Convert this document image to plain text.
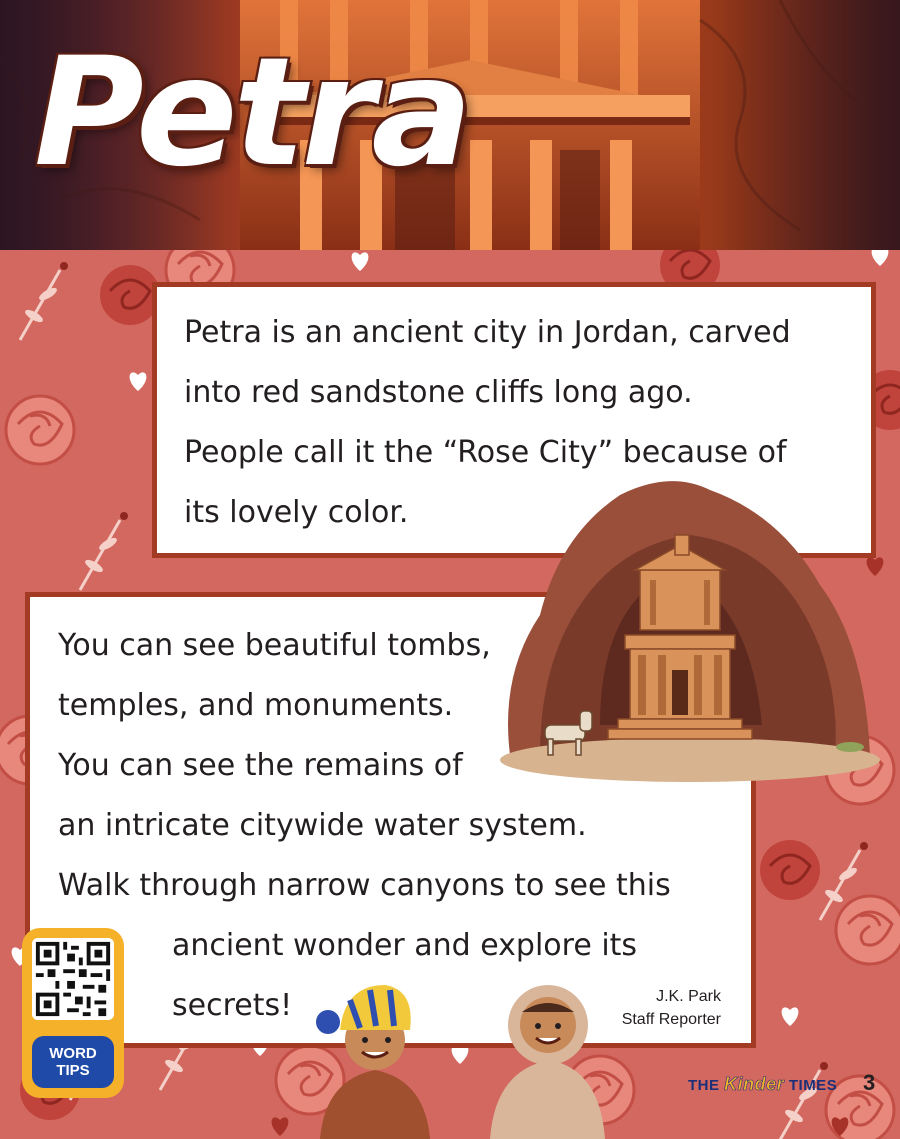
Petra

Petra is an ancient city in Jordan, carved
into red sandstone cliffs long ago.
People call it the “Rose City” because of
its lovely color.

You can see beautiful tombs,
temples, and monuments.
You can see the remains of
an intricate citywide water system.
Walk through narrow canyons to see this
ancient wonder and explore its
secrets!	J.K. Park
Staff Reporter
WORD
TIPS
THE Kinder TIMES 3
